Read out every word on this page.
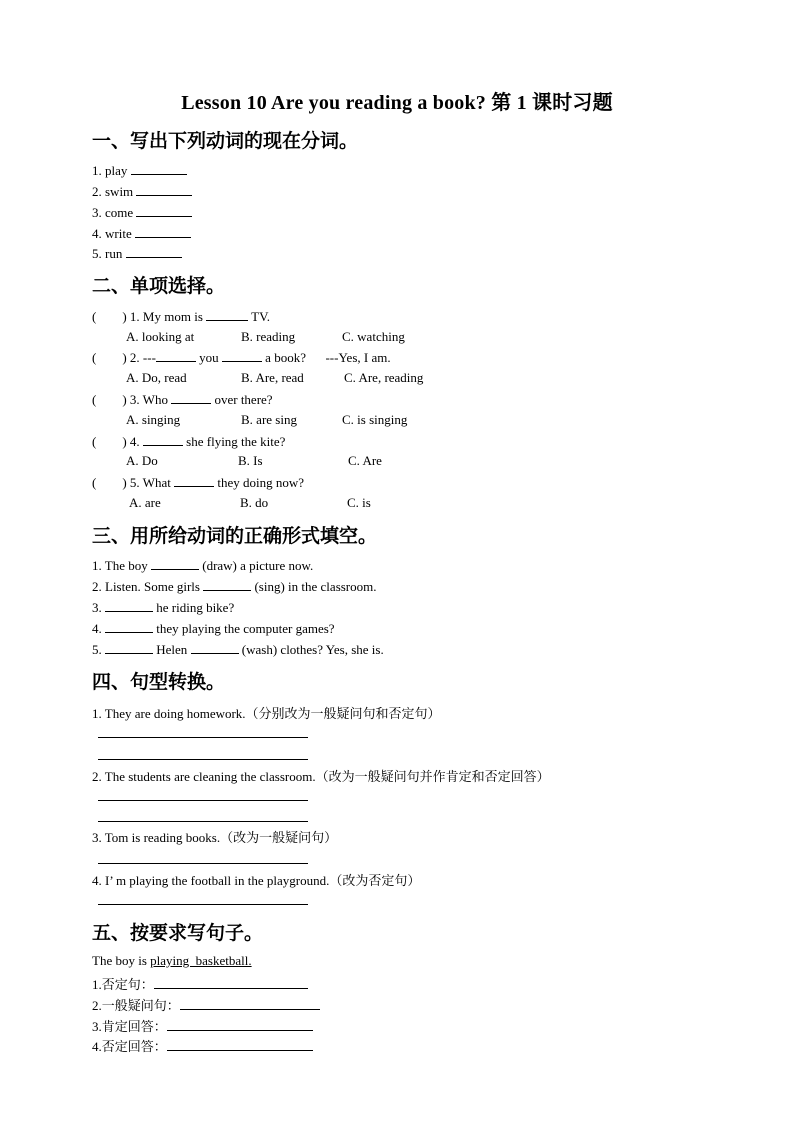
Lesson 10 Are you reading a book? 第 1 课时习题
一、写出下列动词的现在分词。
1. play
2. swim
3. come
4. write
5. run
二、单项选择。
(        ) 1. My mom is	TV.
A. looking at	B. reading	C. watching
(        ) 2. ---	you	a book? ---Yes, I am.
A. Do, read	B. Are, read	C. Are, reading
(        ) 3. Who	over there?
A. singing	B. are sing	C. is singing
(        ) 4.	she flying the kite?
A. Do	B. Is	C. Are
(        ) 5. What	they doing now?
A. are	B. do	C. is
三、用所给动词的正确形式填空。
1. The boy	(draw) a picture now.
2. Listen. Some girls	(sing) in the classroom.
3.	he riding bike?
4.	they playing the computer games?
5.	Helen	(wash) clothes? Yes, she is.
四、句型转换。
1. They are doing homework.（分别改为一般疑问句和否定句）
2. The students are cleaning the classroom.（改为一般疑问句并作肯定和否定回答）
3. Tom is reading books.（改为一般疑问句）
4. I’ m playing the football in the playground.（改为否定句）
五、按要求写句子。
The boy is playing  basketball.
1.否定句：
2.一般疑问句：
3.肯定回答：
4.否定回答：
